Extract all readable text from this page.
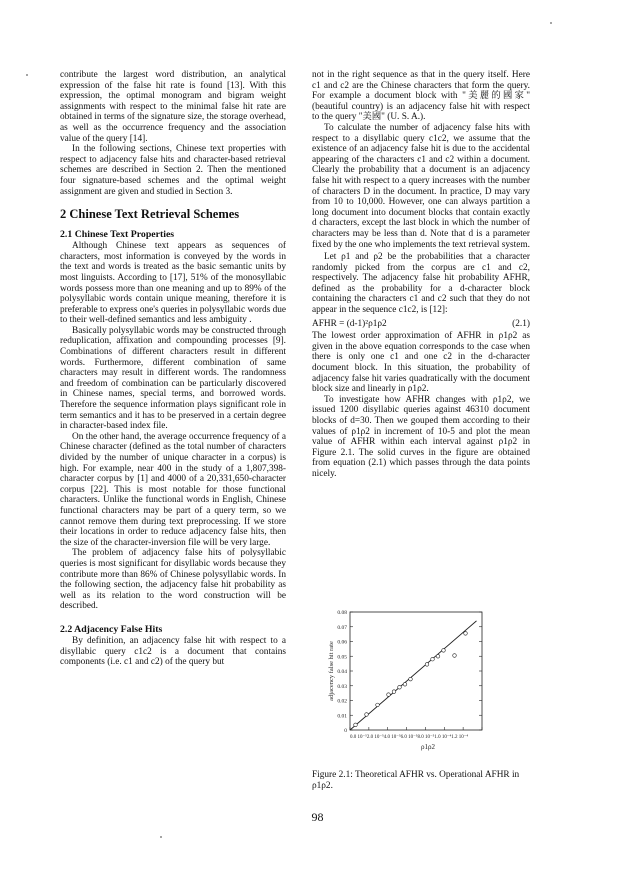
contribute the largest word distribution, an analytical expression of the false hit rate is found [13]. With this expression, the optimal monogram and bigram weight assignments with respect to the minimal false hit rate are obtained in terms of the signature size, the storage overhead, as well as the occurrence frequency and the association value of the query [14].

In the following sections, Chinese text properties with respect to adjacency false hits and character-based retrieval schemes are described in Section 2. Then the mentioned four signature-based schemes and the optimal weight assignment are given and studied in Section 3.

2 Chinese Text Retrieval Schemes
2.1 Chinese Text Properties

Although Chinese text appears as sequences of characters, most information is conveyed by the words in the text and words is treated as the basic semantic units by most linguists. According to [17], 51% of the monosyllabic words possess more than one meaning and up to 89% of the polysyllabic words contain unique meaning, therefore it is preferable to express one's queries in polysyllabic words due to their well-defined semantics and less ambiguity .

Basically polysyllabic words may be constructed through reduplication, affixation and compounding processes [9]. Combinations of different characters result in different words. Furthermore, different combination of same characters may result in different words. The randomness and freedom of combination can be particularly discovered in Chinese names, special terms, and borrowed words. Therefore the sequence information plays significant role in term semantics and it has to be preserved in a certain degree in character-based index file.

On the other hand, the average occurrence frequency of a Chinese character (defined as the total number of characters divided by the number of unique character in a corpus) is high. For example, near 400 in the study of a 1,807,398-character corpus by [1] and 4000 of a 20,331,650-character corpus [22]. This is most notable for those functional characters. Unlike the functional words in English, Chinese functional characters may be part of a query term, so we cannot remove them during text preprocessing. If we store their locations in order to reduce adjacency false hits, then the size of the character-inversion file will be very large.

The problem of adjacency false hits of polysyllabic queries is most significant for disyllabic words because they contribute more than 86% of Chinese polysyllabic words. In the following section, the adjacency false hit probability as well as its relation to the word construction will be described.

2.2 Adjacency False Hits

By definition, an adjacency false hit with respect to a disyllabic query c1c2 is a document that contains components (i.e. c1 and c2) of the query but

not in the right sequence as that in the query itself. Here c1 and c2 are the Chinese characters that form the query. For example a document block with "美麗的國家" (beautiful country) is an adjacency false hit with respect to the query "美國" (U. S. A.).

To calculate the number of adjacency false hits with respect to a disyllabic query c1c2, we assume that the existence of an adjacency false hit is due to the accidental appearing of the characters c1 and c2 within a document. Clearly the probability that a document is an adjacency false hit with respect to a query increases with the number of characters D in the document. In practice, D may vary from 10 to 10,000. However, one can always partition a long document into document blocks that contain exactly d characters, except the last block in which the number of characters may be less than d. Note that d is a parameter fixed by the one who implements the text retrieval system.

Let ρ1 and ρ2 be the probabilities that a character randomly picked from the corpus are c1 and c2, respectively. The adjacency false hit probability AFHR, defined as the probability for a d-character block containing the characters c1 and c2 such that they do not appear in the sequence c1c2, is [12]:

AFHR = (d-1)²ρ1ρ2	(2.1)

The lowest order approximation of AFHR in ρ1ρ2 as given in the above equation corresponds to the case when there is only one c1 and one c2 in the d-character document block. In this situation, the probability of adjacency false hit varies quadratically with the document block size and linearly in ρ1ρ2.

To investigate how AFHR changes with ρ1ρ2, we issued 1200 disyllabic queries against 46310 document blocks of d=30. Then we gouped them according to their values of ρ1ρ2 in increment of 10-5 and plot the mean value of AFHR within each interval against ρ1ρ2 in Figure 2.1. The solid curves in the figure are obtained from equation (2.1) which passes through the data points nicely.

0
0.01
0.02
0.03
0.04
0.05
0.06
0.07
0.08
0.0 10⁻⁵2.0 10⁻⁵4.0 10⁻⁵6.0 10⁻⁵8.0 10⁻⁵1.0 10⁻⁴1.2 10⁻⁴
adjacency false hit rate
ρ1ρ2
Figure 2.1: Theoretical AFHR vs. Operational AFHR in ρ1ρ2.
98
